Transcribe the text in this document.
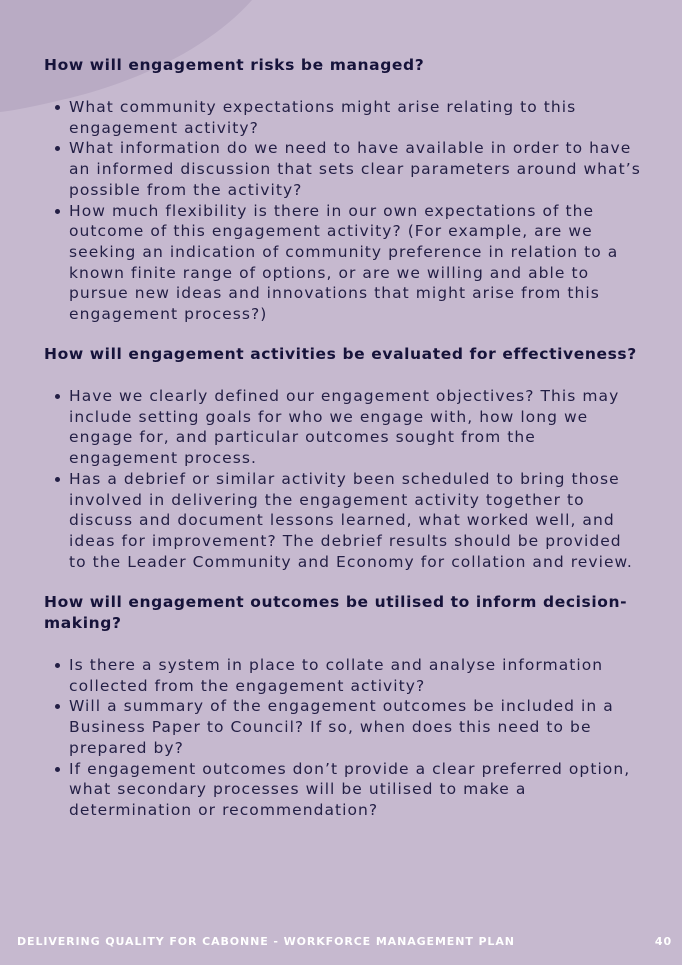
How will engagement risks be managed?
What community expectations might arise relating to this engagement activity?
What information do we need to have available in order to have an informed discussion that sets clear parameters around what’s possible from the activity?
How much flexibility is there in our own expectations of the outcome of this engagement activity? (For example, are we seeking an indication of community preference in relation to a known finite range of options, or are we willing and able to pursue new ideas and innovations that might arise from this engagement process?)
How will engagement activities be evaluated for effectiveness?
Have we clearly defined our engagement objectives? This may include setting goals for who we engage with, how long we engage for, and particular outcomes sought from the engagement process.
Has a debrief or similar activity been scheduled to bring those involved in delivering the engagement activity together to discuss and document lessons learned, what worked well, and ideas for improvement? The debrief results should be provided to the Leader Community and Economy for collation and review.
How will engagement outcomes be utilised to inform decision-making?
Is there a system in place to collate and analyse information collected from the engagement activity?
Will a summary of the engagement outcomes be included in a Business Paper to Council? If so, when does this need to be prepared by?
If engagement outcomes don’t provide a clear preferred option, what secondary processes will be utilised to make a determination or recommendation?
DELIVERING QUALITY FOR CABONNE - WORKFORCE MANAGEMENT PLAN	40
